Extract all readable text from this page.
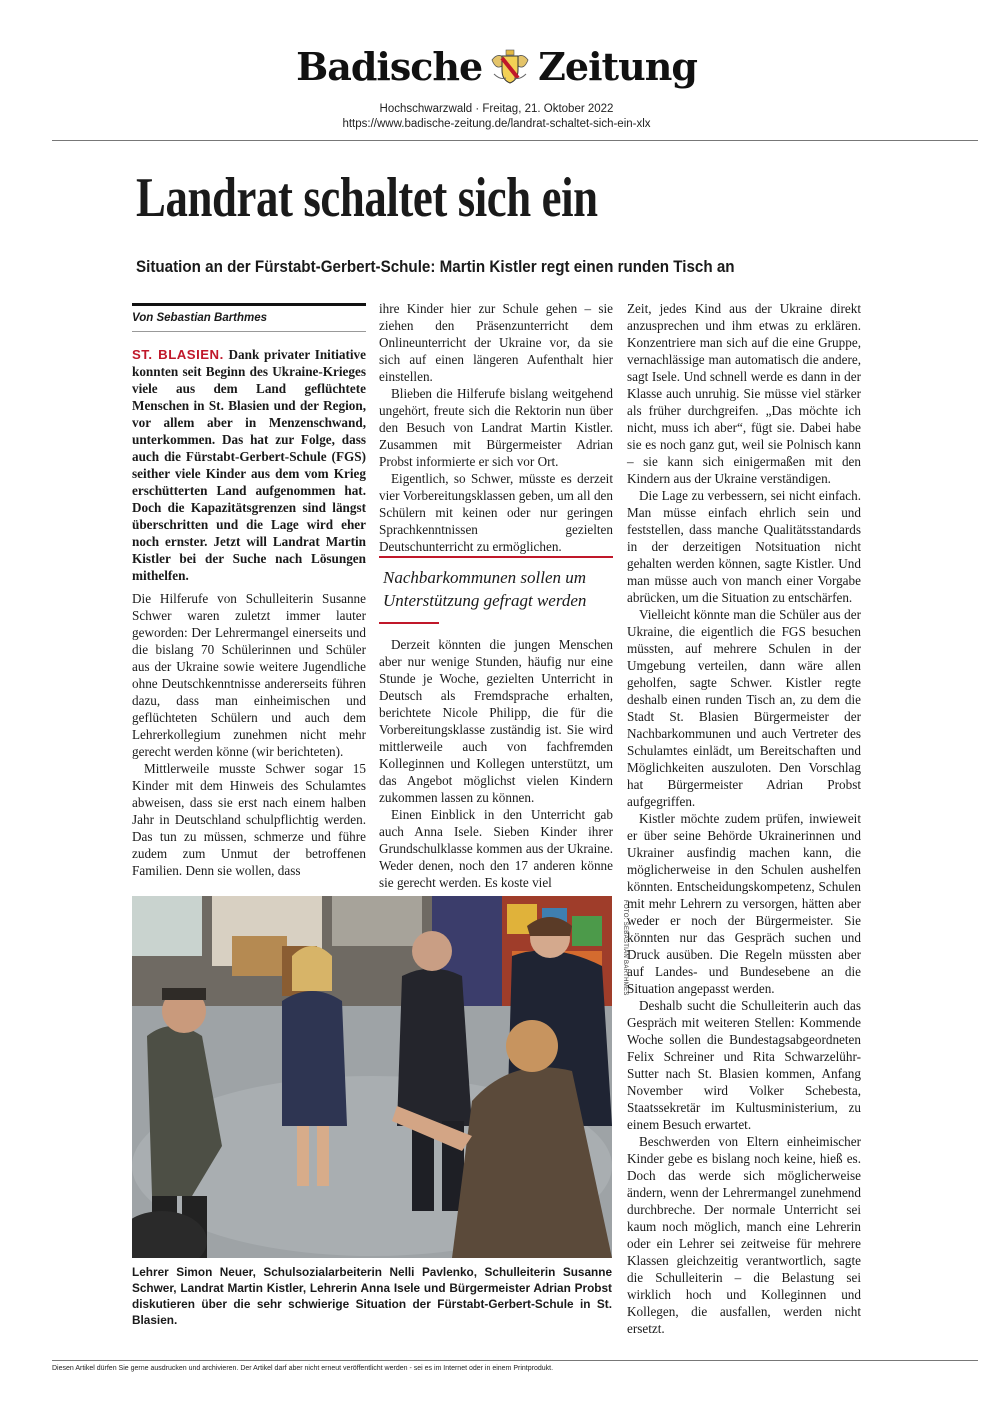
Badische Zeitung
Hochschwarzwald · Freitag, 21. Oktober 2022
https://www.badische-zeitung.de/landrat-schaltet-sich-ein-xlx
Landrat schaltet sich ein
Situation an der Fürstabt-Gerbert-Schule: Martin Kistler regt einen runden Tisch an
Von Sebastian Barthmes
ST. BLASIEN. Dank privater Initiative konnten seit Beginn des Ukraine-Krieges viele aus dem Land geflüchtete Menschen in St. Blasien und der Region, vor allem aber in Menzenschwand, unterkommen. Das hat zur Folge, dass auch die Fürstabt-Gerbert-Schule (FGS) seither viele Kinder aus dem vom Krieg erschütterten Land aufgenommen hat. Doch die Kapazitätsgrenzen sind längst überschritten und die Lage wird eher noch ernster. Jetzt will Landrat Martin Kistler bei der Suche nach Lösungen mithelfen.

Die Hilferufe von Schulleiterin Susanne Schwer waren zuletzt immer lauter geworden: Der Lehrermangel einerseits und die bislang 70 Schülerinnen und Schüler aus der Ukraine sowie weitere Jugendliche ohne Deutschkenntnisse andererseits führen dazu, dass man einheimischen und geflüchteten Schülern und auch dem Lehrerkollegium zunehmen nicht mehr gerecht werden könne (wir berichteten).

Mittlerweile musste Schwer sogar 15 Kinder mit dem Hinweis des Schulamtes abweisen, dass sie erst nach einem halben Jahr in Deutschland schulpflichtig werden. Das tun zu müssen, schmerze und führe zudem zum Unmut der betroffenen Familien. Denn sie wollen, dass

ihre Kinder hier zur Schule gehen – sie ziehen den Präsenzunterricht dem Onlineunterricht der Ukraine vor, da sie sich auf einen längeren Aufenthalt hier einstellen.

Blieben die Hilferufe bislang weitgehend ungehört, freute sich die Rektorin nun über den Besuch von Landrat Martin Kistler. Zusammen mit Bürgermeister Adrian Probst informierte er sich vor Ort.

Eigentlich, so Schwer, müsste es derzeit vier Vorbereitungsklassen geben, um all den Schülern mit keinen oder nur geringen Sprachkenntnissen gezielten Deutschunterricht zu ermöglichen.

Nachbarkommunen sollen um Unterstützung gefragt werden

Derzeit könnten die jungen Menschen aber nur wenige Stunden, häufig nur eine Stunde je Woche, gezielten Unterricht in Deutsch als Fremdsprache erhalten, berichtete Nicole Philipp, die für die Vorbereitungsklasse zuständig ist. Sie wird mittlerweile auch von fachfremden Kolleginnen und Kollegen unterstützt, um das Angebot möglichst vielen Kindern zukommen lassen zu können.

Einen Einblick in den Unterricht gab auch Anna Isele. Sieben Kinder ihrer Grundschulklasse kommen aus der Ukraine. Weder denen, noch den 17 anderen könne sie gerecht werden. Es koste viel

Zeit, jedes Kind aus der Ukraine direkt anzusprechen und ihm etwas zu erklären. Konzentriere man sich auf die eine Gruppe, vernachlässige man automatisch die andere, sagt Isele. Und schnell werde es dann in der Klasse auch unruhig. Sie müsse viel stärker als früher durchgreifen. „Das möchte ich nicht, muss ich aber“, fügt sie. Dabei habe sie es noch ganz gut, weil sie Polnisch kann – sie kann sich einigermaßen mit den Kindern aus der Ukraine verständigen.

Die Lage zu verbessern, sei nicht einfach. Man müsse einfach ehrlich sein und feststellen, dass manche Qualitätsstandards in der derzeitigen Notsituation nicht gehalten werden können, sagte Kistler. Und man müsse auch von manch einer Vorgabe abrücken, um die Situation zu entschärfen.

Vielleicht könnte man die Schüler aus der Ukraine, die eigentlich die FGS besuchen müssten, auf mehrere Schulen in der Umgebung verteilen, dann wäre allen geholfen, sagte Schwer. Kistler regte deshalb einen runden Tisch an, zu dem die Stadt St. Blasien Bürgermeister der Nachbarkommunen und auch Vertreter des Schulamtes einlädt, um Bereitschaften und Möglichkeiten auszuloten. Den Vorschlag hat Bürgermeister Adrian Probst aufgegriffen.

Kistler möchte zudem prüfen, inwieweit er über seine Behörde Ukrainerinnen und Ukrainer ausfindig machen kann, die möglicherweise in den Schulen aushelfen könnten. Entscheidungskompetenz, Schulen mit mehr Lehrern zu versorgen, hätten aber weder er noch der Bürgermeister. Sie könnten nur das Gespräch suchen und Druck ausüben. Die Regeln müssten aber auf Landes- und Bundesebene an die Situation angepasst werden.

Deshalb sucht die Schulleiterin auch das Gespräch mit weiteren Stellen: Kommende Woche sollen die Bundestagsabgeordneten Felix Schreiner und Rita Schwarzelühr-Sutter nach St. Blasien kommen, Anfang November wird Volker Schebesta, Staatssekretär im Kultusministerium, zu einem Besuch erwartet.

Beschwerden von Eltern einheimischer Kinder gebe es bislang noch keine, hieß es. Doch das werde sich möglicherweise ändern, wenn der Lehrermangel zunehmend durchbreche. Der normale Unterricht sei kaum noch möglich, manch eine Lehrerin oder ein Lehrer sei zeitweise für mehrere Klassen gleichzeitig verantwortlich, sagte die Schulleiterin – die Belastung sei wirklich hoch und Kolleginnen und Kollegen, die ausfallen, werden nicht ersetzt.

FOTO: SEBASTIAN BARTHMES
Lehrer Simon Neuer, Schulsozialarbeiterin Nelli Pavlenko, Schulleiterin Susanne Schwer, Landrat Martin Kistler, Lehrerin Anna Isele und Bürgermeister Adrian Probst diskutieren über die sehr schwierige Situation der Fürstabt-Gerbert-Schule in St. Blasien.
Diesen Artikel dürfen Sie gerne ausdrucken und archivieren. Der Artikel darf aber nicht erneut veröffentlicht werden - sei es im Internet oder in einem Printprodukt.
